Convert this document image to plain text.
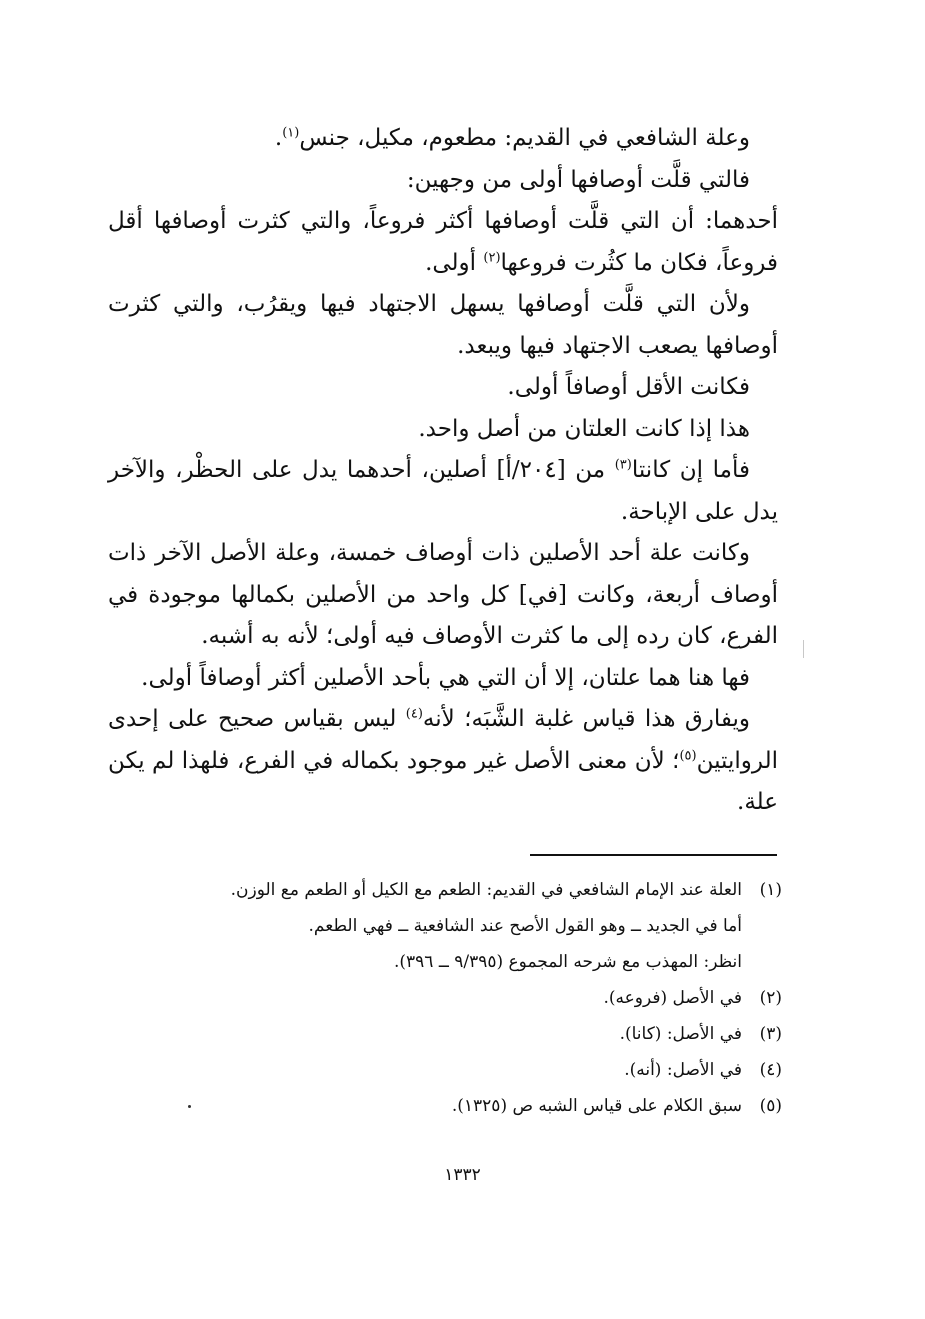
وعلة الشافعي في القديم: مطعوم، مكيل، جنس$^{(١)}$.

فالتي قلَّت أوصافها أولى من وجهين:

أحدهما: أن التي قلَّت أوصافها أكثر فروعاً، والتي كثرت أوصافها أقل فروعاً، فكان ما كثُرت فروعها$^{(٢)}$ أولى.

ولأن التي قلَّت أوصافها يسهل الاجتهاد فيها ويقرُب، والتي كثرت أوصافها يصعب الاجتهاد فيها ويبعد.

فكانت الأقل أوصافاً أولى.

هذا إذا كانت العلتان من أصل واحد.

فأما إن كانتا$^{(٣)}$ من [٢٠٤/أ] أصلين، أحدهما يدل على الحظْر، والآخر يدل على الإباحة.

وكانت علة أحد الأصلين ذات أوصاف خمسة، وعلة الأصل الآخر ذات أوصاف أربعة، وكانت [في] كل واحد من الأصلين بكمالها موجودة في الفرع، كان رده إلى ما كثرت الأوصاف فيه أولى؛ لأنه به أشبه.

فها هنا هما علتان، إلا أن التي هي بأحد الأصلين أكثر أوصافاً أولى.

ويفارق هذا قياس غلبة الشَّبَه؛ لأنه$^{(٤)}$ ليس بقياس صحيح على إحدى الروايتين$^{(٥)}$؛ لأن معنى الأصل غير موجود بكماله في الفرع، فلهذا لم يكن علة.

(١)
العلة عند الإمام الشافعي في القديم: الطعم مع الكيل أو الطعم مع الوزن.
أما في الجديد ــ وهو القول الأصح عند الشافعية ــ فهي الطعم.
انظر: المهذب مع شرحه المجموع (٩/٣٩٥ ــ ٣٩٦).
(٢)
في الأصل (فروعه).
(٣)
في الأصل: (كانا).
(٤)
في الأصل: (أنه).
(٥)
سبق الكلام على قياس الشبه ص (١٣٢٥).
١٣٣٢
